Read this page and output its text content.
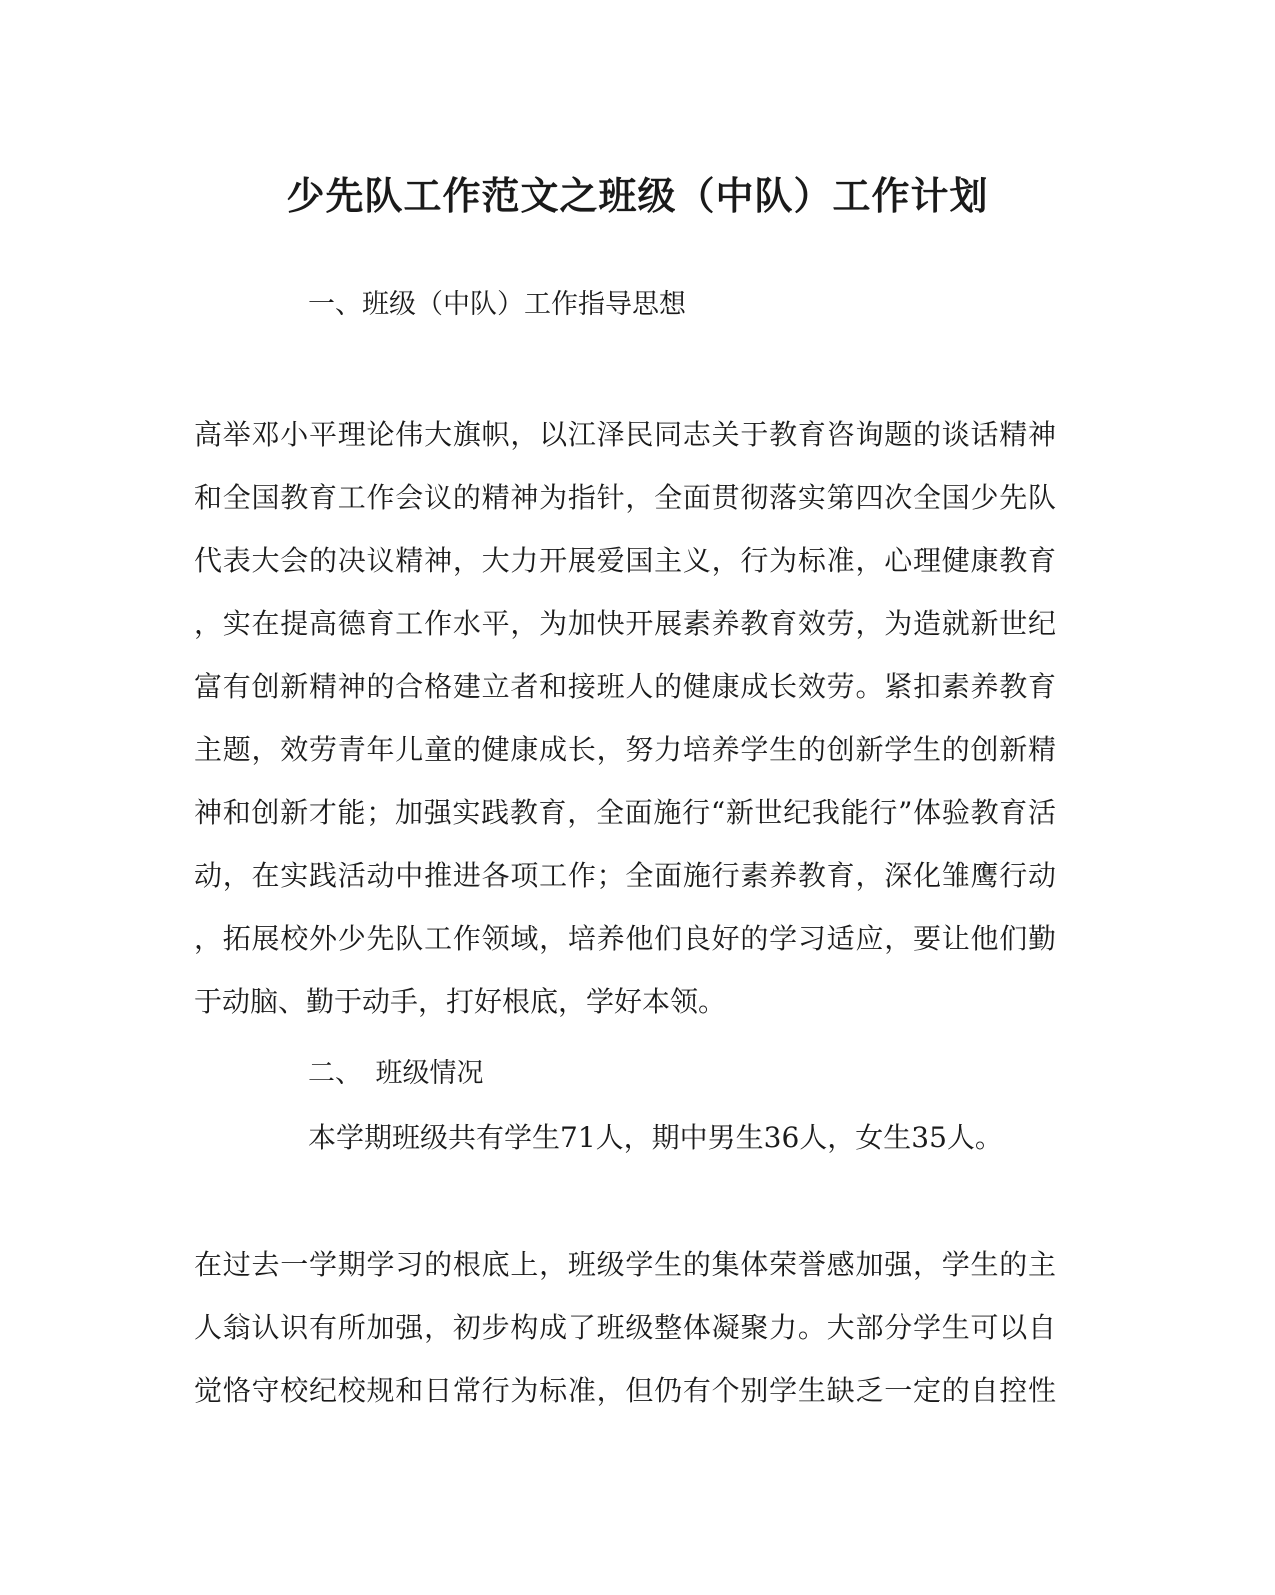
少先队工作范文之班级（中队）工作计划
一、班级（中队）工作指导思想
高举邓小平理论伟大旗帜，以江泽民同志关于教育咨询题的谈话精神
和全国教育工作会议的精神为指针，全面贯彻落实第四次全国少先队
代表大会的决议精神，大力开展爱国主义，行为标准，心理健康教育
，实在提高德育工作水平，为加快开展素养教育效劳，为造就新世纪
富有创新精神的合格建立者和接班人的健康成长效劳。紧扣素养教育
主题，效劳青年儿童的健康成长，努力培养学生的创新学生的创新精
神和创新才能；加强实践教育，全面施行“新世纪我能行”体验教育活
动，在实践活动中推进各项工作；全面施行素养教育，深化雏鹰行动
，拓展校外少先队工作领域，培养他们良好的学习适应，要让他们勤
于动脑、勤于动手，打好根底，学好本领。
二、　班级情况
本学期班级共有学生71人，期中男生36人，女生35人。
在过去一学期学习的根底上，班级学生的集体荣誉感加强，学生的主
人翁认识有所加强，初步构成了班级整体凝聚力。大部分学生可以自
觉恪守校纪校规和日常行为标准，但仍有个别学生缺乏一定的自控性
